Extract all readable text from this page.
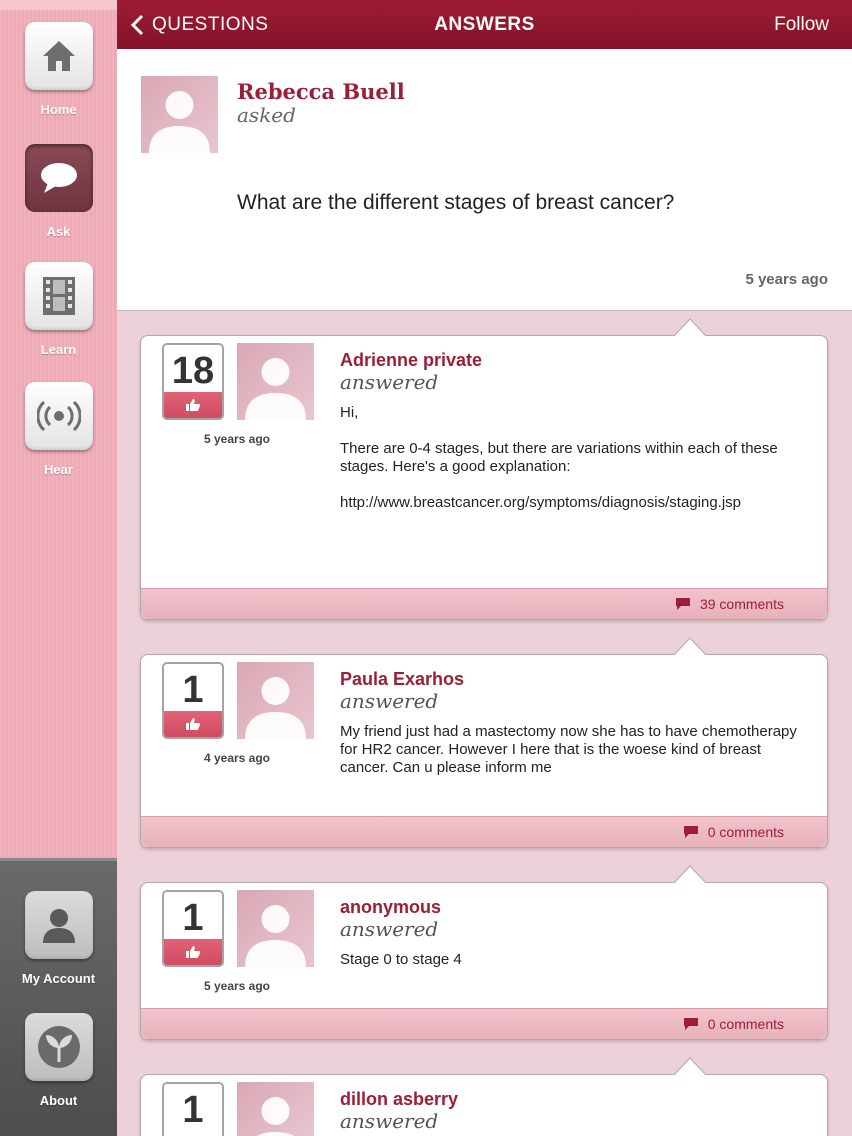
Home
Ask
Learn
Hear
My Account
About
QUESTIONS	ANSWERS	Follow
Rebecca Buell
asked
What are the different stages of breast cancer?
5 years ago
18
5 years ago
Adrienne private
answered

Hi,

There are 0-4 stages, but there are variations within each of these stages. Here's a good explanation:

http://www.breastcancer.org/symptoms/diagnosis/staging.jsp

39 comments
1
4 years ago
Paula Exarhos
answered

My friend just had a mastectomy now she has to have chemotherapy for HR2 cancer. However I here that is the woese kind of breast cancer. Can u please inform me

0 comments
1
5 years ago
anonymous
answered

Stage 0 to stage 4

0 comments
1	dillon asberry
answered
